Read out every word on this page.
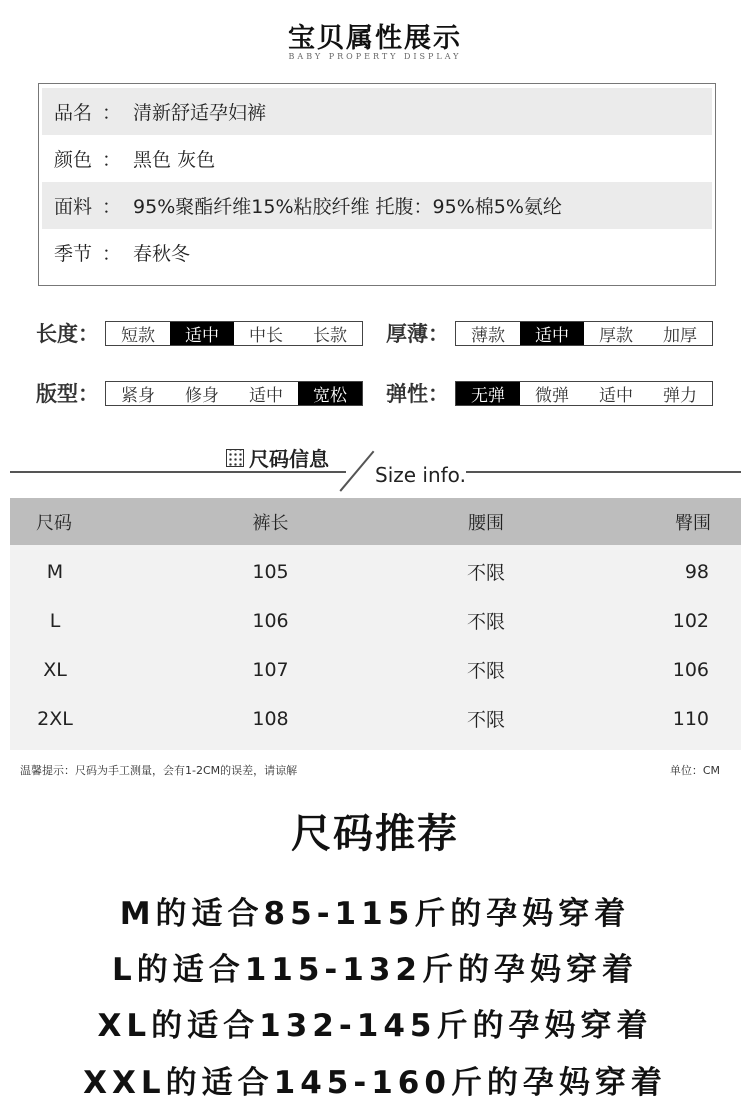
宝贝属性展示
BABY PROPERTY DISPLAY
品名 ： 清新舒适孕妇裤
颜色 ： 黑色 灰色
面料 ： 95%聚酯纤维15%粘胶纤维 托腹：95%棉5%氨纶
季节 ： 春秋冬
长度：	短款	适中	中长	长款	厚薄：	薄款	适中	厚款	加厚
版型：	紧身	修身	适中	宽松	弹性：	无弹	微弹	适中	弹力
尺码信息
Size info.
尺码	裤长	腰围	臀围
M	105	不限	98
L	106	不限	102
XL	107	不限	106
2XL	108	不限	110
温馨提示：尺码为手工测量，会有1-2CM的误差，请谅解	单位：CM
尺码推荐
M的适合85-115斤的孕妈穿着
L的适合115-132斤的孕妈穿着
XL的适合132-145斤的孕妈穿着
XXL的适合145-160斤的孕妈穿着
